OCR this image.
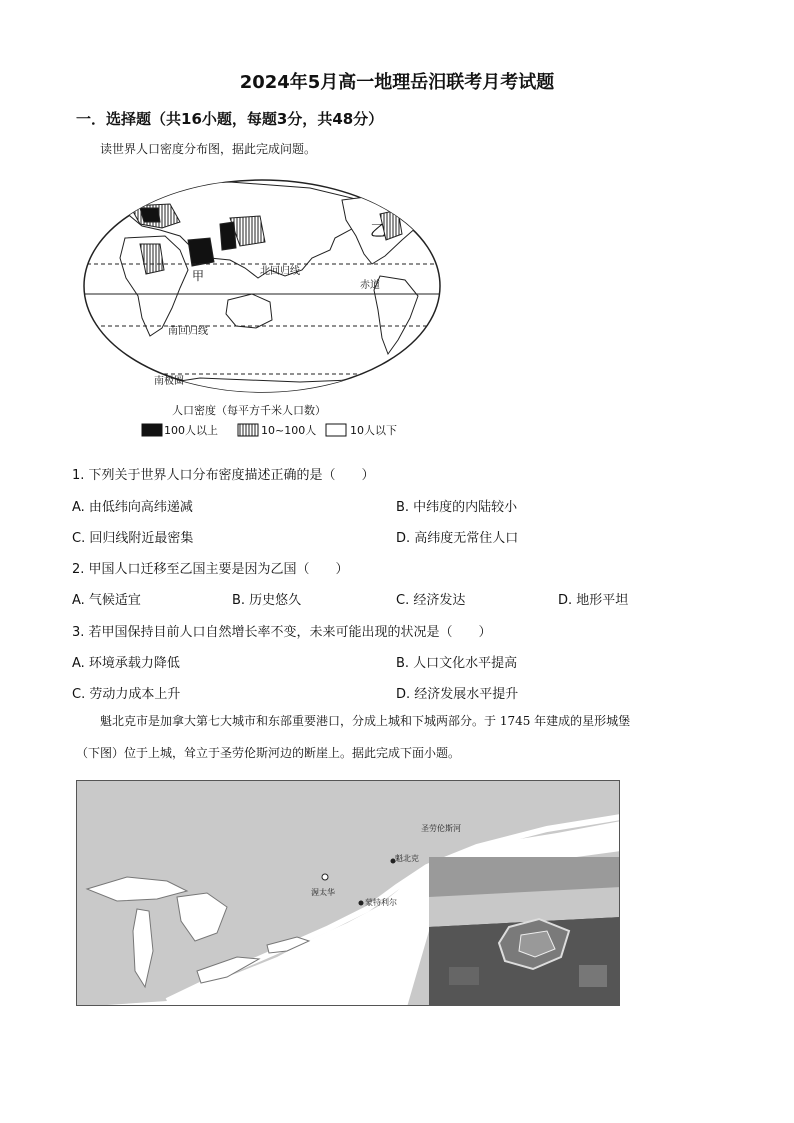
2024年5月高一地理岳汨联考月考试题
一．选择题（共16小题，每题3分，共48分）
读世界人口密度分布图，据此完成问题。
甲
乙
北回归线
赤道
南回归线
南极圈
人口密度（每平方千米人口数）
100人以上	10~100人	10人以下
1. 下列关于世界人口分布密度描述正确的是（　　）
A. 由低纬向高纬递减	B. 中纬度的内陆较小
C. 回归线附近最密集	D. 高纬度无常住人口
2. 甲国人口迁移至乙国主要是因为乙国（　　）
A. 气候适宜	B. 历史悠久	C. 经济发达	D. 地形平坦
3. 若甲国保持目前人口自然增长率不变，未来可能出现的状况是（　　）
A. 环境承载力降低	B. 人口文化水平提高
C. 劳动力成本上升	D. 经济发展水平提升
魁北克市是加拿大第七大城市和东部重要港口，分成上城和下城两部分。于 1745 年建成的星形城堡
（下图）位于上城，耸立于圣劳伦斯河边的断崖上。据此完成下面小题。
圣劳伦斯河
魁北克
渥太华
蒙特利尔
